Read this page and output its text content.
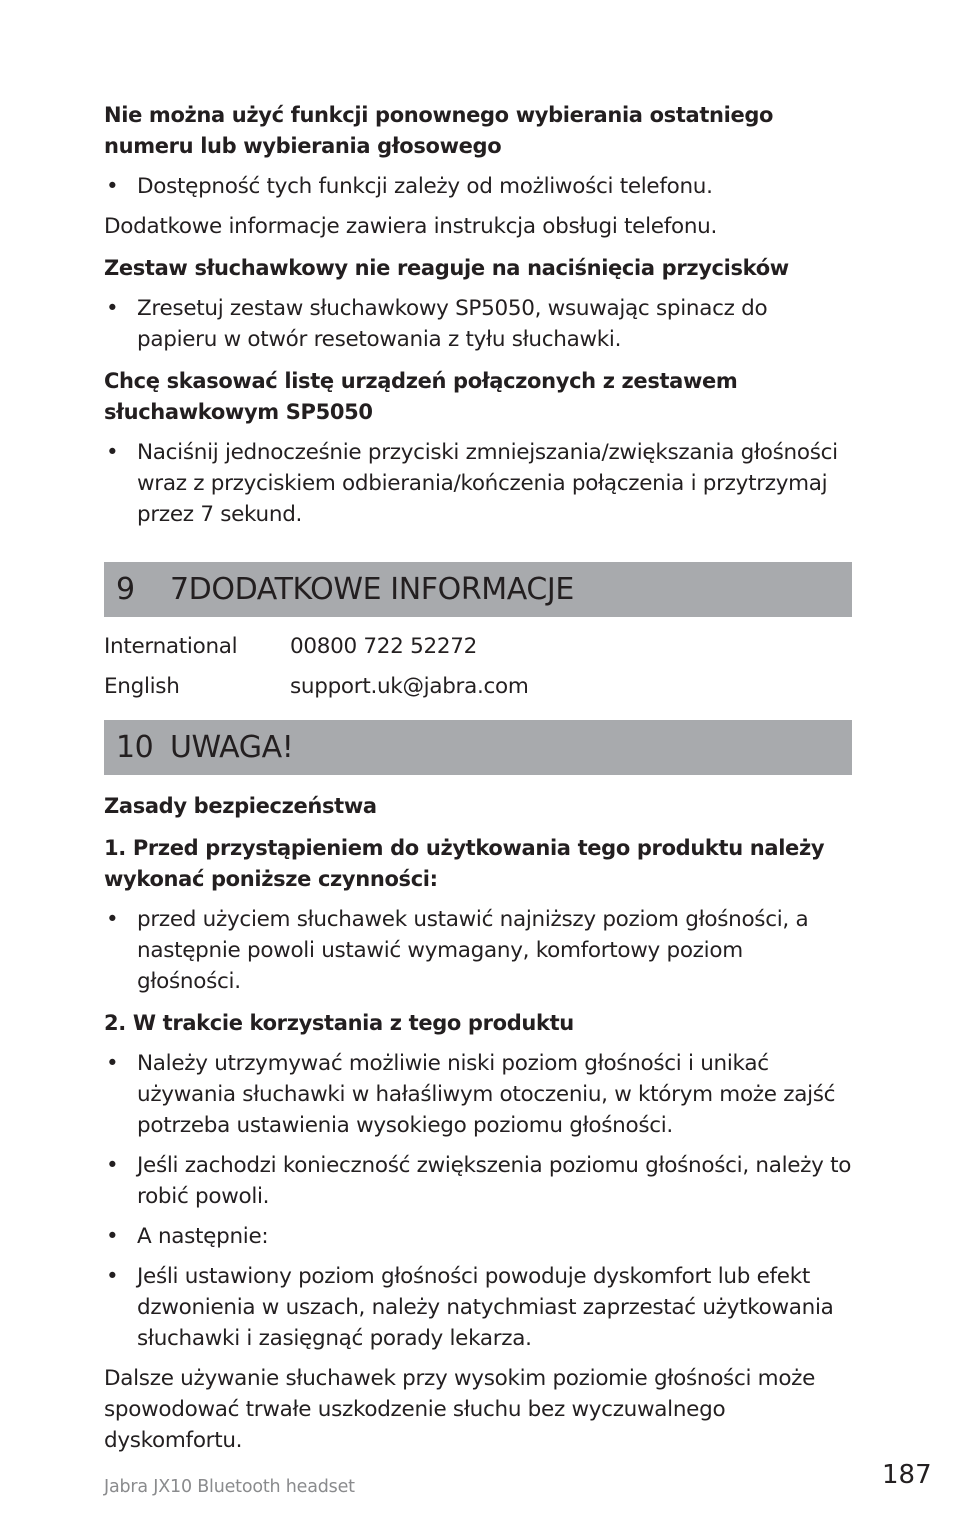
Nie można użyć funkcji ponownego wybierania ostatniego numeru lub wybierania głosowego

• Dostępność tych funkcji zależy od możliwości telefonu.

Dodatkowe informacje zawiera instrukcja obsługi telefonu.

Zestaw słuchawkowy nie reaguje na naciśnięcia przycisków

• Zresetuj zestaw słuchawkowy SP5050, wsuwając spinacz do papieru w otwór resetowania z tyłu słuchawki.

Chcę skasować listę urządzeń połączonych z zestawem słuchawkowym SP5050

• Naciśnij jednocześnie przyciski zmniejszania/zwiększania głośności wraz z przyciskiem odbierania/kończenia połączenia i przytrzymaj przez 7 sekund.
9	7DODATKOWE INFORMACJE
International	00800 722 52272
English	support.uk@jabra.com
10 UWAGA!

Zasady bezpieczeństwa

1. Przed przystąpieniem do użytkowania tego produktu należy wykonać poniższe czynności:

• przed użyciem słuchawek ustawić najniższy poziom głośności, a następnie powoli ustawić wymagany, komfortowy poziom głośności.

2. W trakcie korzystania z tego produktu

• Należy utrzymywać możliwie niski poziom głośności i unikać używania słuchawki w hałaśliwym otoczeniu, w którym może zajść potrzeba ustawienia wysokiego poziomu głośności.
• Jeśli zachodzi konieczność zwiększenia poziomu głośności, należy to robić powoli.
• A następnie:
• Jeśli ustawiony poziom głośności powoduje dyskomfort lub efekt dzwonienia w uszach, należy natychmiast zaprzestać użytkowania słuchawki i zasięgnąć porady lekarza.

Dalsze używanie słuchawek przy wysokim poziomie głośności może spowodować trwałe uszkodzenie słuchu bez wyczuwalnego dyskomfortu.

Jabra JX10 Bluetooth headset	187
